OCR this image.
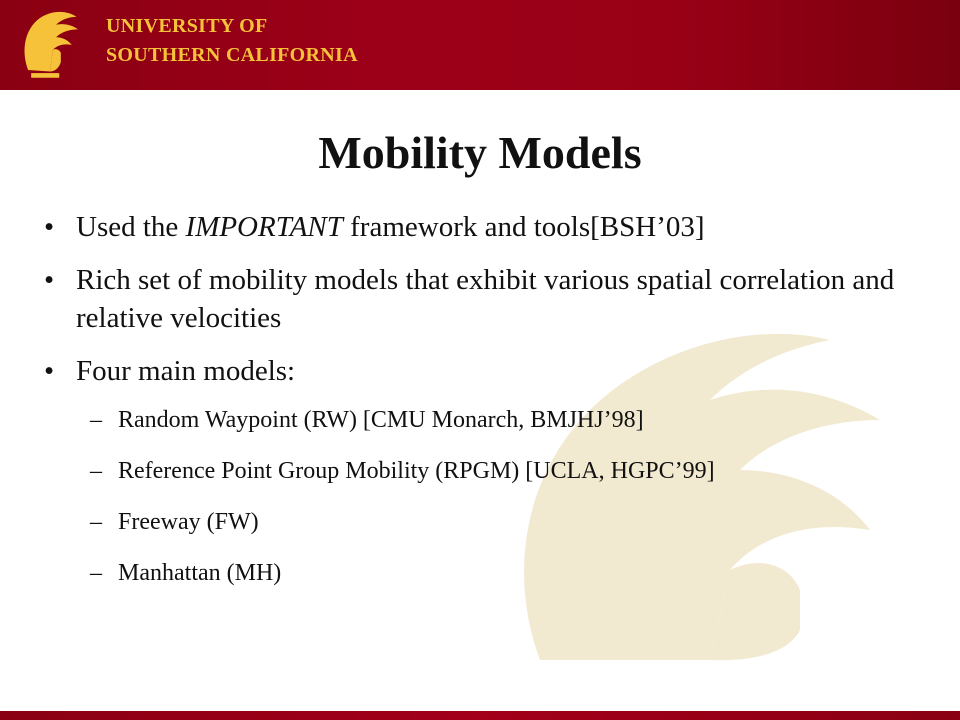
UNIVERSITY OF
SOUTHERN CALIFORNIA
Mobility Models
• Used the IMPORTANT framework and tools[BSH’03]
• Rich set of mobility models that exhibit various spatial correlation and relative velocities
• Four main models:
– Random Waypoint (RW) [CMU Monarch, BMJHJ’98]
– Reference Point Group Mobility (RPGM) [UCLA, HGPC’99]
– Freeway (FW)
– Manhattan (MH)
